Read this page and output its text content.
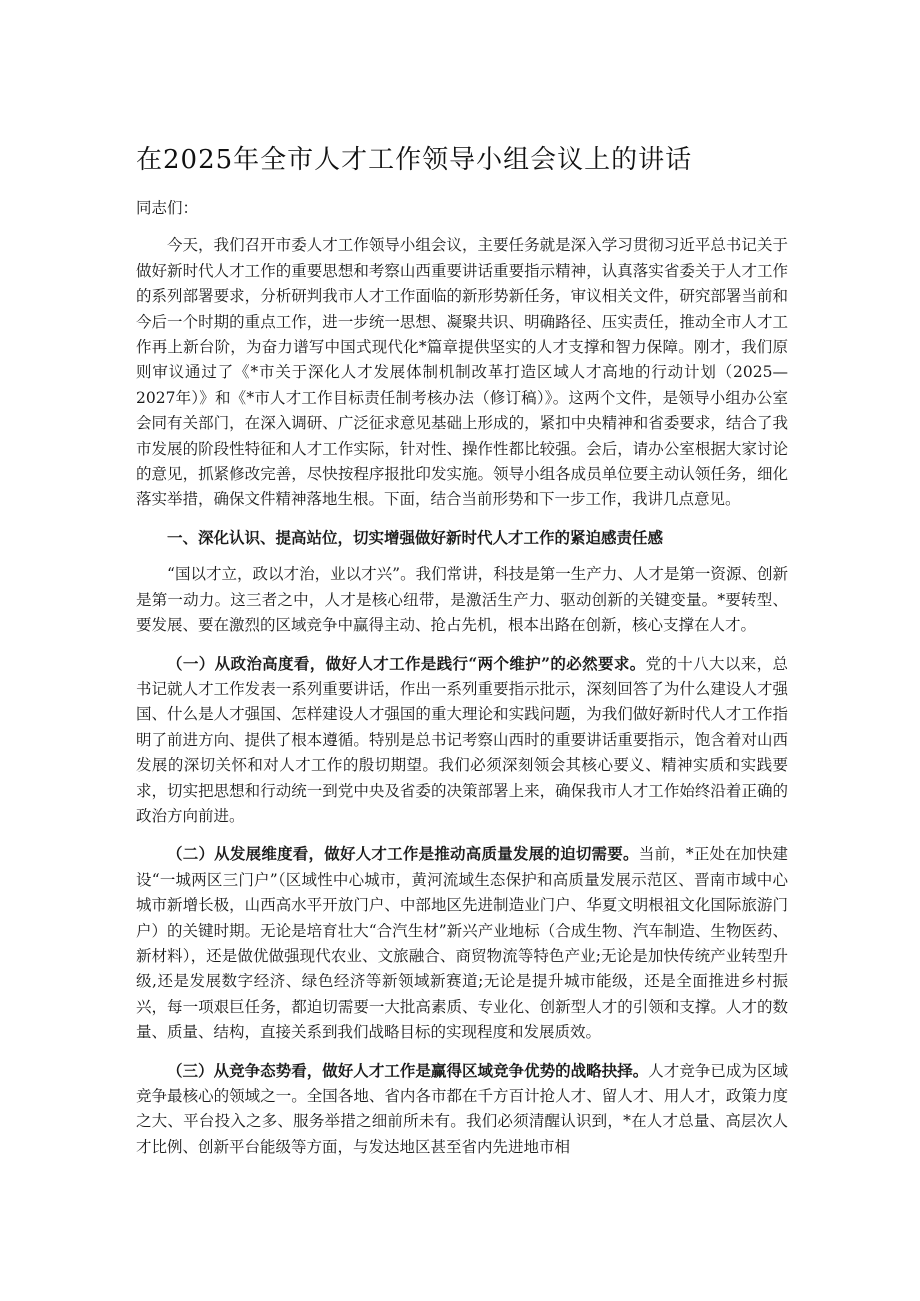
在2025年全市人才工作领导小组会议上的讲话

同志们：

今天，我们召开市委人才工作领导小组会议，主要任务就是深入学习贯彻习近平总书记关于做好新时代人才工作的重要思想和考察山西重要讲话重要指示精神，认真落实省委关于人才工作的系列部署要求，分析研判我市人才工作面临的新形势新任务，审议相关文件，研究部署当前和今后一个时期的重点工作，进一步统一思想、凝聚共识、明确路径、压实责任，推动全市人才工作再上新台阶，为奋力谱写中国式现代化*篇章提供坚实的人才支撑和智力保障。刚才，我们原则审议通过了《*市关于深化人才发展体制机制改革打造区域人才高地的行动计划（2025—2027年）》和《*市人才工作目标责任制考核办法（修订稿）》。这两个文件，是领导小组办公室会同有关部门，在深入调研、广泛征求意见基础上形成的，紧扣中央精神和省委要求，结合了我市发展的阶段性特征和人才工作实际，针对性、操作性都比较强。会后，请办公室根据大家讨论的意见，抓紧修改完善，尽快按程序报批印发实施。领导小组各成员单位要主动认领任务，细化落实举措，确保文件精神落地生根。下面，结合当前形势和下一步工作，我讲几点意见。

一、深化认识、提高站位，切实增强做好新时代人才工作的紧迫感责任感

“国以才立，政以才治，业以才兴”。我们常讲，科技是第一生产力、人才是第一资源、创新是第一动力。这三者之中，人才是核心纽带，是激活生产力、驱动创新的关键变量。*要转型、要发展、要在激烈的区域竞争中赢得主动、抢占先机，根本出路在创新，核心支撑在人才。

（一）从政治高度看，做好人才工作是践行“两个维护”的必然要求。党的十八大以来，总书记就人才工作发表一系列重要讲话，作出一系列重要指示批示，深刻回答了为什么建设人才强国、什么是人才强国、怎样建设人才强国的重大理论和实践问题，为我们做好新时代人才工作指明了前进方向、提供了根本遵循。特别是总书记考察山西时的重要讲话重要指示，饱含着对山西发展的深切关怀和对人才工作的殷切期望。我们必须深刻领会其核心要义、精神实质和实践要求，切实把思想和行动统一到党中央及省委的决策部署上来，确保我市人才工作始终沿着正确的政治方向前进。

（二）从发展维度看，做好人才工作是推动高质量发展的迫切需要。当前，*正处在加快建设“一城两区三门户”（区域性中心城市，黄河流域生态保护和高质量发展示范区、晋南市域中心城市新增长极，山西高水平开放门户、中部地区先进制造业门户、华夏文明根祖文化国际旅游门户）的关键时期。无论是培育壮大“合汽生材”新兴产业地标（合成生物、汽车制造、生物医药、新材料），还是做优做强现代农业、文旅融合、商贸物流等特色产业;无论是加快传统产业转型升级,还是发展数字经济、绿色经济等新领域新赛道;无论是提升城市能级，还是全面推进乡村振兴，每一项艰巨任务，都迫切需要一大批高素质、专业化、创新型人才的引领和支撑。人才的数量、质量、结构，直接关系到我们战略目标的实现程度和发展质效。

（三）从竞争态势看，做好人才工作是赢得区域竞争优势的战略抉择。人才竞争已成为区域竞争最核心的领域之一。全国各地、省内各市都在千方百计抢人才、留人才、用人才，政策力度之大、平台投入之多、服务举措之细前所未有。我们必须清醒认识到，*在人才总量、高层次人才比例、创新平台能级等方面，与发达地区甚至省内先进地市相
